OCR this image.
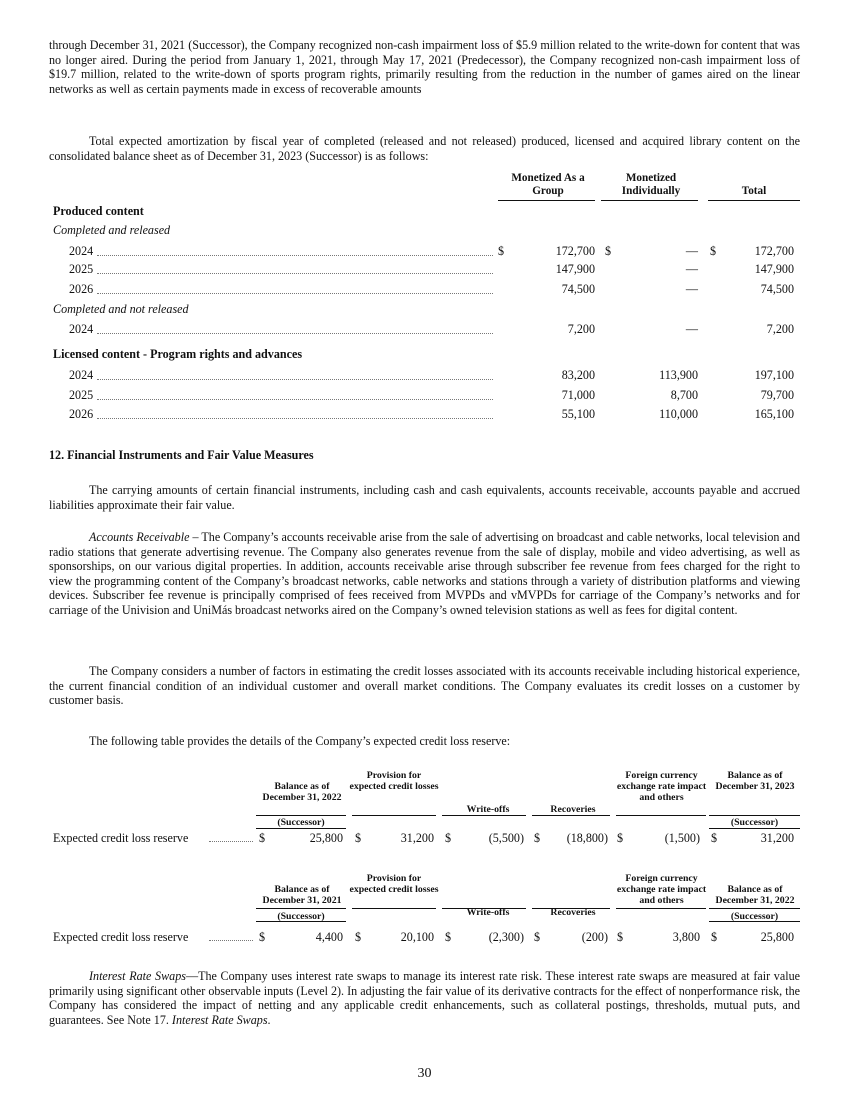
through December 31, 2021 (Successor), the Company recognized non-cash impairment loss of $5.9 million related to the write-down for content that was no longer aired. During the period from January 1, 2021, through May 17, 2021 (Predecessor), the Company recognized non-cash impairment loss of $19.7 million, related to the write-down of sports program rights, primarily resulting from the reduction in the number of games aired on the linear networks as well as certain payments made in excess of recoverable amounts

Total expected amortization by fiscal year of completed (released and not released) produced, licensed and acquired library content on the consolidated balance sheet as of December 31, 2023 (Successor) is as follows:

Monetized As a Group
Monetized Individually	Total
Produced content
Completed and released
2024	$	172,700 $	— $	172,700
2025	147,900	—	147,900
2026	74,500	—	74,500
Completed and not released
2024	7,200	—	7,200
Licensed content - Program rights and advances
2024	83,200	113,900	197,100
2025	71,000	8,700	79,700
2026	55,100	110,000	165,100
12. Financial Instruments and Fair Value Measures

The carrying amounts of certain financial instruments, including cash and cash equivalents, accounts receivable, accounts payable and accrued liabilities approximate their fair value.

Accounts Receivable – The Company’s accounts receivable arise from the sale of advertising on broadcast and cable networks, local television and radio stations that generate advertising revenue. The Company also generates revenue from the sale of display, mobile and video advertising, as well as sponsorships, on our various digital properties. In addition, accounts receivable arise through subscriber fee revenue from fees charged for the right to view the programming content of the Company’s broadcast networks, cable networks and stations through a variety of distribution platforms and viewing devices. Subscriber fee revenue is principally comprised of fees received from MVPDs and vMVPDs for carriage of the Company’s networks and for carriage of the Univision and UniMás broadcast networks aired on the Company’s owned television stations as well as fees for digital content.

The Company considers a number of factors in estimating the credit losses associated with its accounts receivable including historical experience, the current financial condition of an individual customer and overall market conditions. The Company evaluates its credit losses on a customer by customer basis.

The following table provides the details of the Company’s expected credit loss reserve:

Balance as of December 31, 2022
Provision for expected credit losses
Write-offs	Recoveries
Foreign currency exchange rate impact and others
Balance as of December 31, 2023
(Successor)	(Successor)
Expected credit loss reserve	$	25,800 $	31,200 $	(5,500) $ (18,800) $	(1,500) $	31,200
Balance as of December 31, 2021
Provision for expected credit losses
Write-offs	Recoveries
Foreign currency exchange rate impact and others
Balance as of December 31, 2022
(Successor)	(Successor)
Expected credit loss reserve	$	4,400 $	20,100 $	(2,300) $	(200) $	3,800 $	25,800

Interest Rate Swaps—The Company uses interest rate swaps to manage its interest rate risk. These interest rate swaps are measured at fair value primarily using significant other observable inputs (Level 2). In adjusting the fair value of its derivative contracts for the effect of nonperformance risk, the Company has considered the impact of netting and any applicable credit enhancements, such as collateral postings, thresholds, mutual puts, and guarantees. See Note 17. Interest Rate Swaps.

30
